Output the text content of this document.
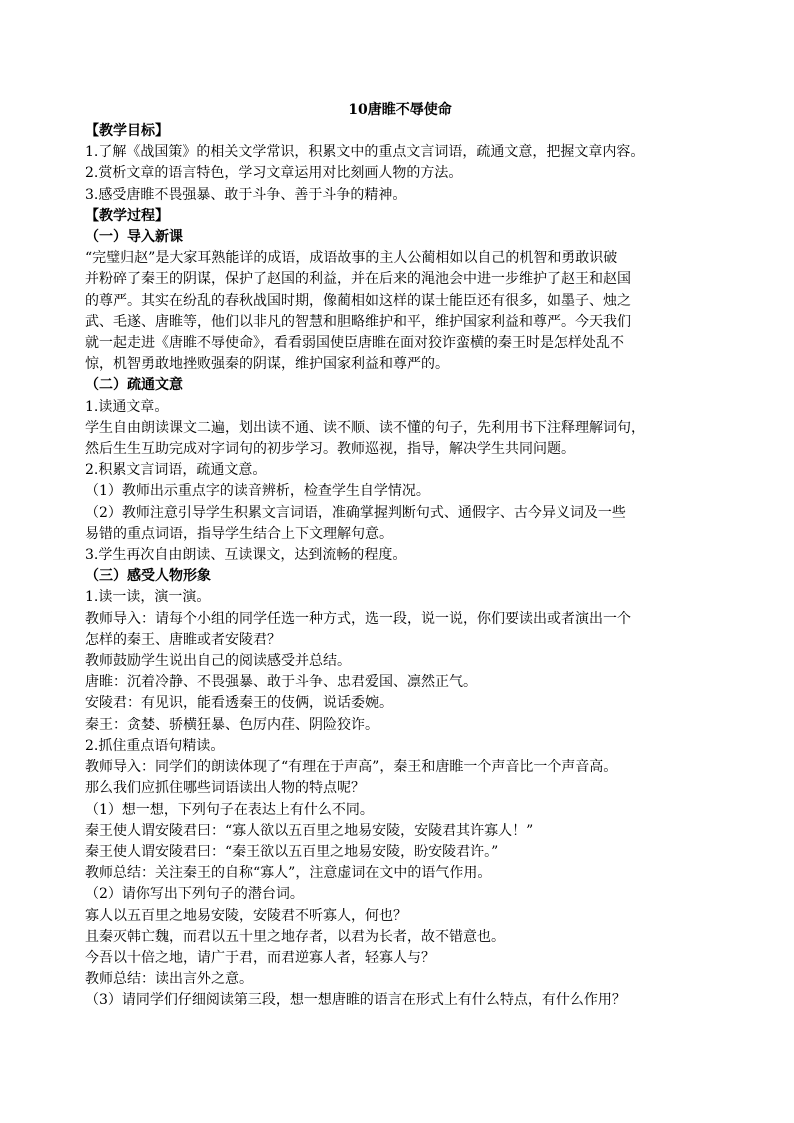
10唐睢不辱使命
【教学目标】
1.了解《战国策》的相关文学常识，积累文中的重点文言词语，疏通文意，把握文章内容。
2.赏析文章的语言特色，学习文章运用对比刻画人物的方法。
3.感受唐睢不畏强暴、敢于斗争、善于斗争的精神。
【教学过程】
（一）导入新课
“完璧归赵”是大家耳熟能详的成语，成语故事的主人公蔺相如以自己的机智和勇敢识破
并粉碎了秦王的阴谋，保护了赵国的利益，并在后来的渑池会中进一步维护了赵王和赵国
的尊严。其实在纷乱的春秋战国时期，像蔺相如这样的谋士能臣还有很多，如墨子、烛之
武、毛遂、唐睢等，他们以非凡的智慧和胆略维护和平，维护国家利益和尊严。今天我们
就一起走进《唐睢不辱使命》，看看弱国使臣唐睢在面对狡诈蛮横的秦王时是怎样处乱不
惊，机智勇敢地挫败强秦的阴谋，维护国家利益和尊严的。
（二）疏通文意
1.读通文章。
学生自由朗读课文二遍，划出读不通、读不顺、读不懂的句子，先利用书下注释理解词句，
然后生生互助完成对字词句的初步学习。教师巡视，指导，解决学生共同问题。
2.积累文言词语，疏通文意。
（1）教师出示重点字的读音辨析，检查学生自学情况。
（2）教师注意引导学生积累文言词语，准确掌握判断句式、通假字、古今异义词及一些
易错的重点词语，指导学生结合上下文理解句意。
3.学生再次自由朗读、互读课文，达到流畅的程度。
（三）感受人物形象
1.读一读，演一演。
教师导入：请每个小组的同学任选一种方式，选一段，说一说，你们要读出或者演出一个
怎样的秦王、唐睢或者安陵君？
教师鼓励学生说出自己的阅读感受并总结。
唐睢：沉着冷静、不畏强暴、敢于斗争、忠君爱国、凛然正气。
安陵君：有见识，能看透秦王的伎俩，说话委婉。
秦王：贪婪、骄横狂暴、色厉内荏、阴险狡诈。
2.抓住重点语句精读。
教师导入：同学们的朗读体现了“有理在于声高”，秦王和唐睢一个声音比一个声音高。
那么我们应抓住哪些词语读出人物的特点呢？
（1）想一想，下列句子在表达上有什么不同。
秦王使人谓安陵君曰：“寡人欲以五百里之地易安陵，安陵君其许寡人！”
秦王使人谓安陵君曰：“秦王欲以五百里之地易安陵，盼安陵君许。”
教师总结：关注秦王的自称“寡人”，注意虚词在文中的语气作用。
（2）请你写出下列句子的潜台词。
寡人以五百里之地易安陵，安陵君不听寡人，何也？
且秦灭韩亡魏，而君以五十里之地存者，以君为长者，故不错意也。
今吾以十倍之地，请广于君，而君逆寡人者，轻寡人与？
教师总结：读出言外之意。
（3）请同学们仔细阅读第三段，想一想唐睢的语言在形式上有什么特点，有什么作用？
